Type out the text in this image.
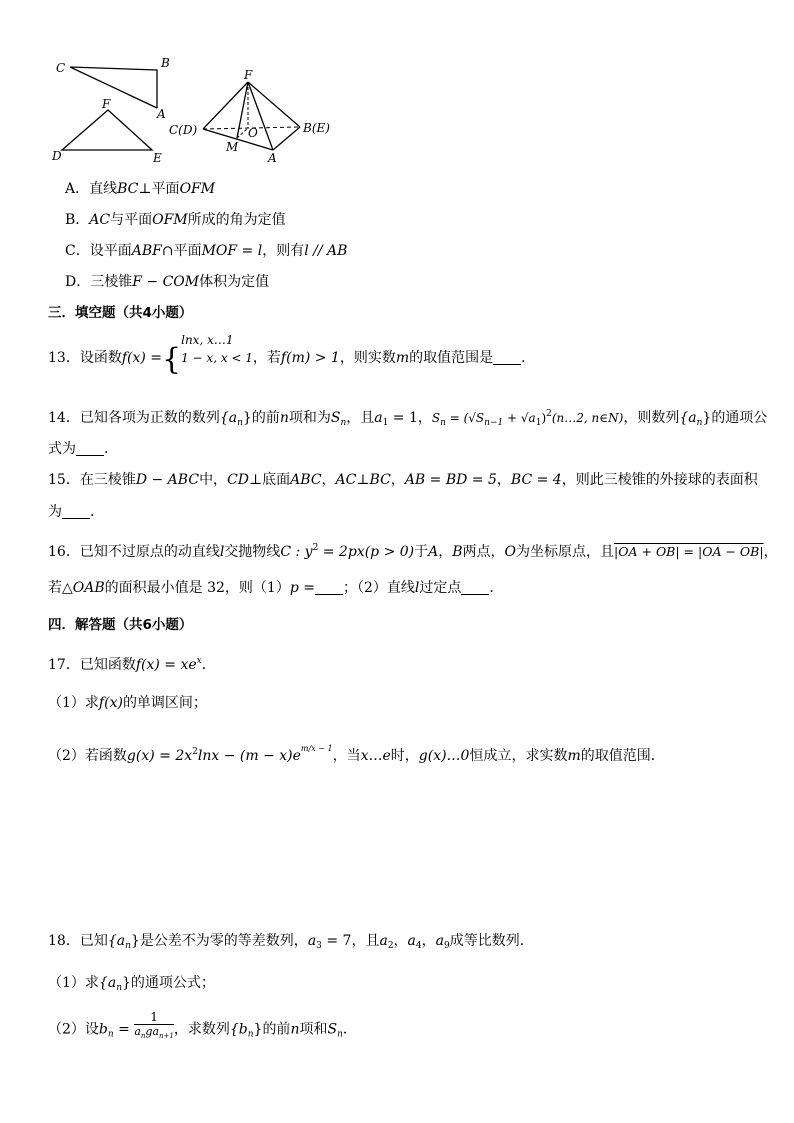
C	B
A
F
D	E
F
C(D)	O	B(E)
M
A
A．直线BC⊥平面OFM
B．AC与平面OFM所成的角为定值
C．设平面ABF∩平面MOF = l，则有l // AB
D．三棱锥F − COM体积为定值
三．填空题（共4小题）
13．设函数f(x) ={
lnx, x…1
1 − x, x < 1 ，若f(m) > 1，则实数m的取值范围是 ．
14．已知各项为正数的数列$\{a_n\}$的前n项和为$S_n$，且$a_1 = 1$，$S_n = (√S_{n-1}$ + $√a_1)^2(n\dots 2$, n∈N)，则数列$\{a_n\}$的通项公
式为 ．
15．在三棱锥D − ABC中，CD⊥底面ABC，AC⊥BC，AB = BD = 5，BC = 4，则此三棱锥的外接球的表面积
为 ．
16．已知不过原点的动直线l交抛物线C : $y^2 = 2px(p > 0)$于A，B两点，O为坐标原点，且|OA + OB| = |OA − OB|，
若△OAB的面积最小值是 32，则（1）p = ；（2）直线l过定点 ．
四．解答题（共6小题）
17．已知函数$f(x) = xe^x$．
（1）求f(x)的单调区间；
（2）若函数$g(x) = 2x^2\ln x - (m - x)e^{m/x - 1}$，当x…e时，g(x)…0恒成立，求实数m的取值范围．
18．已知$\{a_n\}$是公差不为零的等差数列，$a_3 = 7$，且$a_2$，$a_4$，$a_9$成等比数列．
（1）求$\{a_n\}$的通项公式；
（2）设$b_n = \frac{1}{a_nga_{n+1}}$ ，求数列$\{b_n\}$的前n项和$S_n$．
